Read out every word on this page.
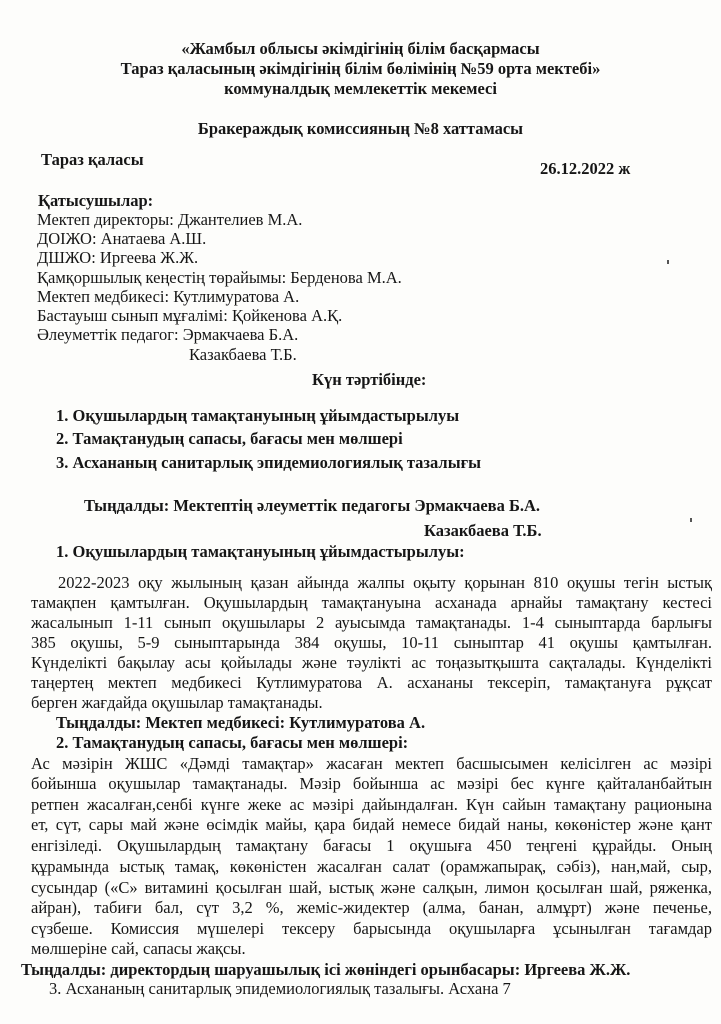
«Жамбыл облысы әкімдігінің білім басқармасы
Тараз қаласының әкімдігінің білім бөлімінің №59 орта мектебі»
коммуналдық мемлекеттік мекемесі
Бракераждық комиссияның №8 хаттамасы
Тараз қаласы	26.12.2022 ж
Қатысушылар:
Мектеп директоры: Джантелиев М.А.
ДОІЖО: Анатаева А.Ш.
ДШЖО: Иргеева Ж.Ж.
Қамқоршылық кеңестің төрайымы: Берденова М.А.
Мектеп медбикесі: Кутлимуратова А.
Бастауыш сынып мұғалімі: Қойкенова А.Қ.
Әлеуметтік педагог: Эрмакчаева Б.А.
Казакбаева Т.Б.
Күн тәртібінде:
1. Оқушылардың тамақтануының ұйымдастырылуы
2. Тамақтанудың сапасы, бағасы мен мөлшері
3. Асхананың санитарлық эпидемиологиялық тазалығы
Тыңдалды: Мектептің әлеуметтік педагогы Эрмакчаева Б.А.
Казакбаева Т.Б.
1. Оқушылардың тамақтануының ұйымдастырылуы:
2022-2023 оқу жылының қазан айында жалпы оқыту қорынан 810 оқушы тегін ыстық
тамақпен қамтылған. Оқушылардың тамақтануына асханада арнайы тамақтану кестесі
жасалынып 1-11 сынып оқушылары 2 ауысымда тамақтанады. 1-4 сыныптарда барлығы
385 оқушы, 5-9 сыныптарында 384 оқушы, 10-11 сыныптар 41 оқушы қамтылған.
Күнделікті бақылау асы қойылады және тәулікті ас тоңазытқышта сақталады. Күнделікті
таңертең мектеп медбикесі Кутлимуратова А. асхананы тексеріп, тамақтануға рұқсат
берген жағдайда оқушылар тамақтанады.
Тыңдалды: Мектеп медбикесі: Кутлимуратова А.
2. Тамақтанудың сапасы, бағасы мен мөлшері:
Ас мәзірін ЖШС «Дәмді тамақтар» жасаған мектеп басшысымен келісілген ас мәзірі
бойынша оқушылар тамақтанады. Мәзір бойынша ас мәзірі бес күнге қайталанбайтын
ретпен жасалған,сенбі күнге жеке ас мәзірі дайындалған. Күн сайын тамақтану рационына
ет, сүт, сары май және өсімдік майы, қара бидай немесе бидай наны, көкөністер және қант
енгізіледі. Оқушылардың тамақтану бағасы 1 оқушыға 450 теңгені құрайды. Оның
құрамында ыстық тамақ, көкөністен жасалған салат (орамжапырақ, сәбіз), нан,май, сыр,
сусындар («С» витамині қосылған шай, ыстық және салқын, лимон қосылған шай, ряженка,
айран), табиғи бал, сүт 3,2 %, жеміс-жидектер (алма, банан, алмұрт) және печенье,
сүзбеше. Комиссия мүшелері тексеру барысында оқушыларға ұсынылған тағамдар
мөлшеріне сай, сапасы жақсы.
Тыңдалды: директордың шаруашылық ісі жөніндегі орынбасары: Иргеева Ж.Ж.
3. Асхананың санитарлық эпидемиологиялық тазалығы. Асхана 7
